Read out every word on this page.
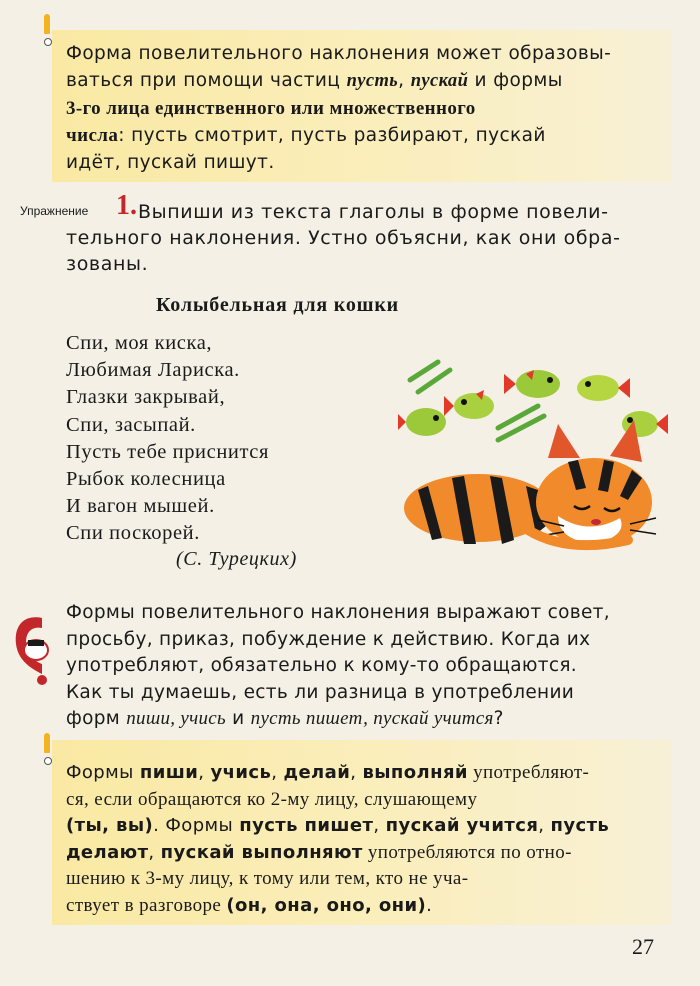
Форма повелительного наклонения может образовы-
ваться при помощи частиц пусть, пускай и формы
3-го лица единственного или множественного
числа: пусть смотрит, пусть разбирают, пускай
идёт, пускай пишут.
Упражнение 1. Выпиши из текста глаголы в форме повели-
тельного наклонения. Устно объясни, как они обра-
зованы.
Колыбельная для кошки
Спи, моя киска,
Любимая Лариска.
Глазки закрывай,
Спи, засыпай.
Пусть тебе приснится
Рыбок колесница
И вагон мышей.
Спи поскорей.
(С. Турецких)
Формы повелительного наклонения выражают совет,
просьбу, приказ, побуждение к действию. Когда их
употребляют, обязательно к кому-то обращаются.
Как ты думаешь, есть ли разница в употреблении
форм пиши, учись и пусть пишет, пускай учится?
Формы пиши, учись, делай, выполняй употребляют-
ся, если обращаются ко 2-му лицу, слушающему
(ты, вы). Формы пусть пишет, пускай учится, пусть
делают, пускай выполняют употребляются по отно-
шению к 3-му лицу, к тому или тем, кто не уча-
ствует в разговоре (он, она, оно, они).
27
